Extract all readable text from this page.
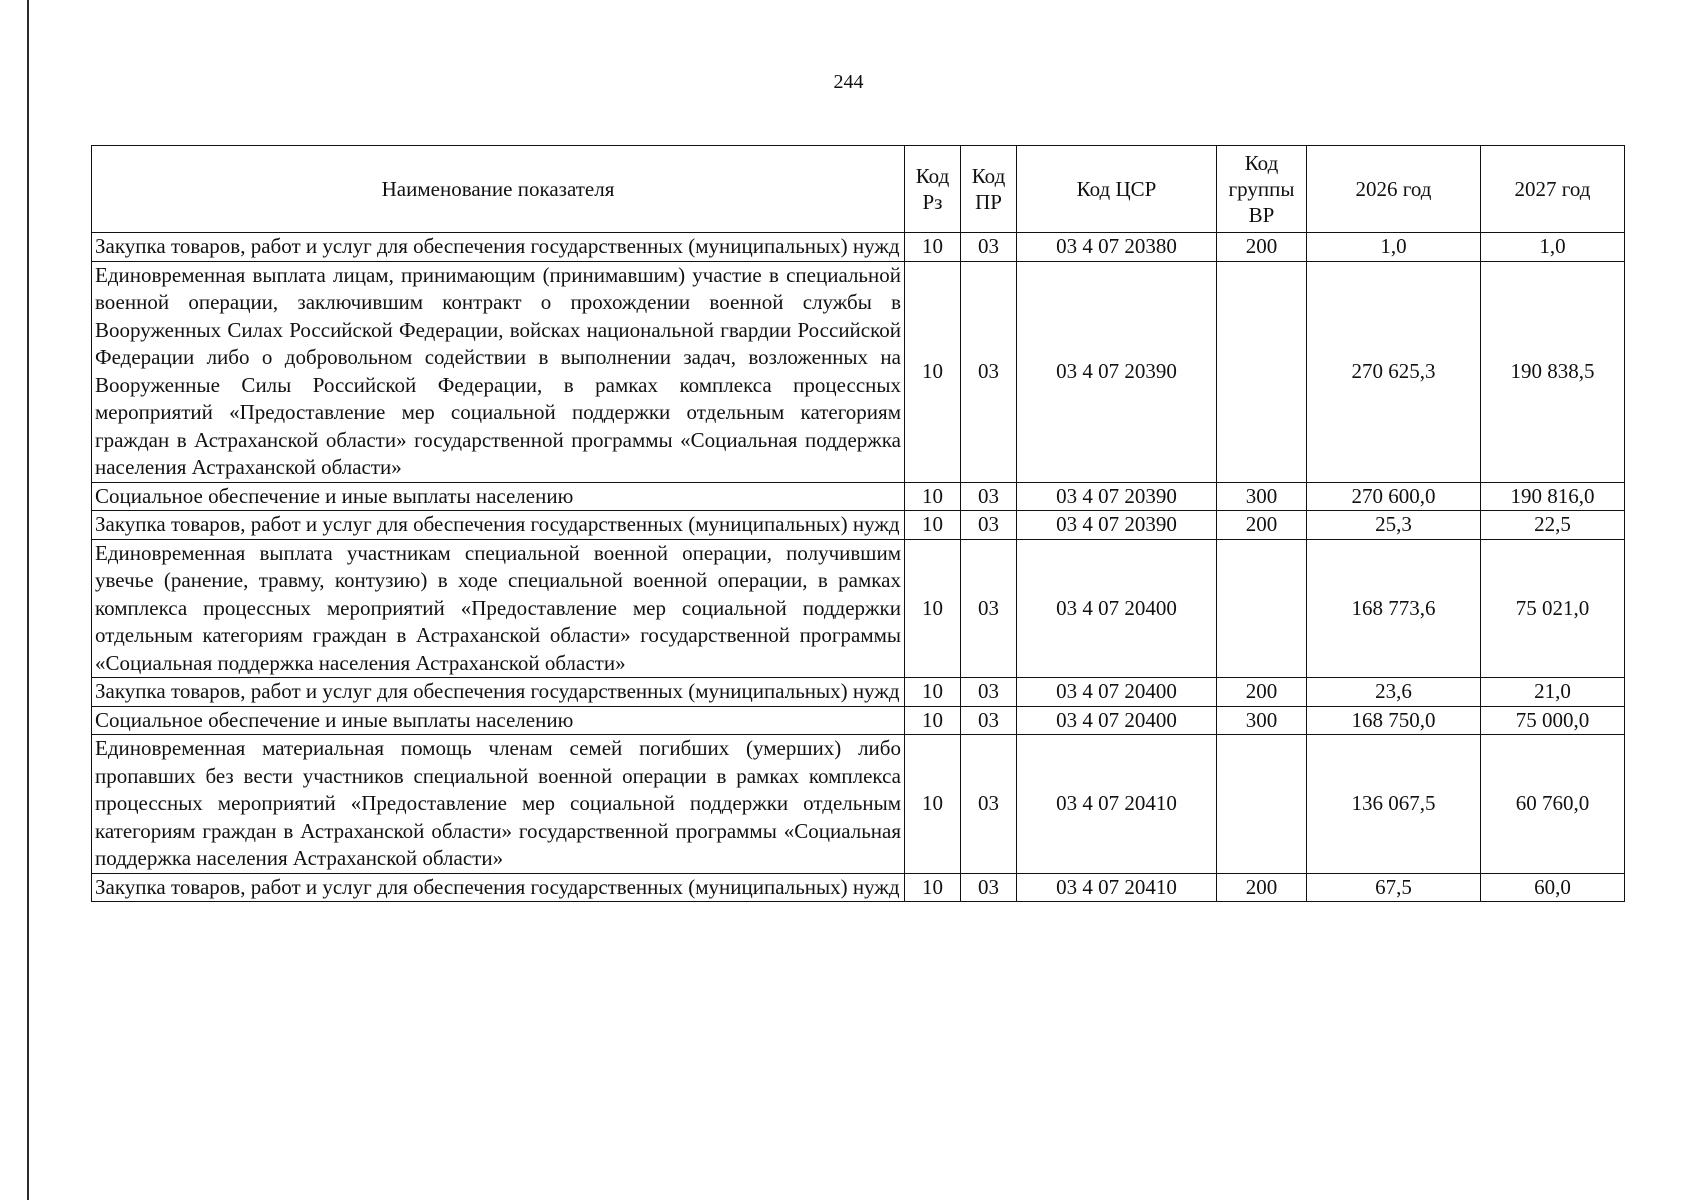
244
Наименование показателя	Код Рз	Код ПР	Код ЦСР	Код группы ВР	2026 год	2027 год
Закупка товаров, работ и услуг для обеспечения государственных (муниципальных) нужд	10	03	03 4 07 20380	200	1,0	1,0
Единовременная выплата лицам, принимающим (принимавшим) участие в специальной военной операции, заключившим контракт о прохождении военной службы в Вооруженных Силах Российской Федерации, войсках национальной гвардии Российской Федерации либо о добровольном содействии в выполнении задач, возложенных на Вооруженные Силы Российской Федерации, в рамках комплекса процессных мероприятий «Предоставление мер социальной поддержки отдельным категориям граждан в Астраханской области» государственной программы «Социальная поддержка населения Астраханской области»	10	03	03 4 07 20390		270 625,3	190 838,5
Социальное обеспечение и иные выплаты населению	10	03	03 4 07 20390	300	270 600,0	190 816,0
Закупка товаров, работ и услуг для обеспечения государственных (муниципальных) нужд	10	03	03 4 07 20390	200	25,3	22,5
Единовременная выплата участникам специальной военной операции, получившим увечье (ранение, травму, контузию) в ходе специальной военной операции, в рамках комплекса процессных мероприятий «Предоставление мер социальной поддержки отдельным категориям граждан в Астраханской области» государственной программы «Социальная поддержка населения Астраханской области»	10	03	03 4 07 20400		168 773,6	75 021,0
Закупка товаров, работ и услуг для обеспечения государственных (муниципальных) нужд	10	03	03 4 07 20400	200	23,6	21,0
Социальное обеспечение и иные выплаты населению	10	03	03 4 07 20400	300	168 750,0	75 000,0
Единовременная материальная помощь членам семей погибших (умерших) либо пропавших без вести участников специальной военной операции в рамках комплекса процессных мероприятий «Предоставление мер социальной поддержки отдельным категориям граждан в Астраханской области» государственной программы «Социальная поддержка населения Астраханской области»	10	03	03 4 07 20410		136 067,5	60 760,0
Закупка товаров, работ и услуг для обеспечения государственных (муниципальных) нужд	10	03	03 4 07 20410	200	67,5	60,0
